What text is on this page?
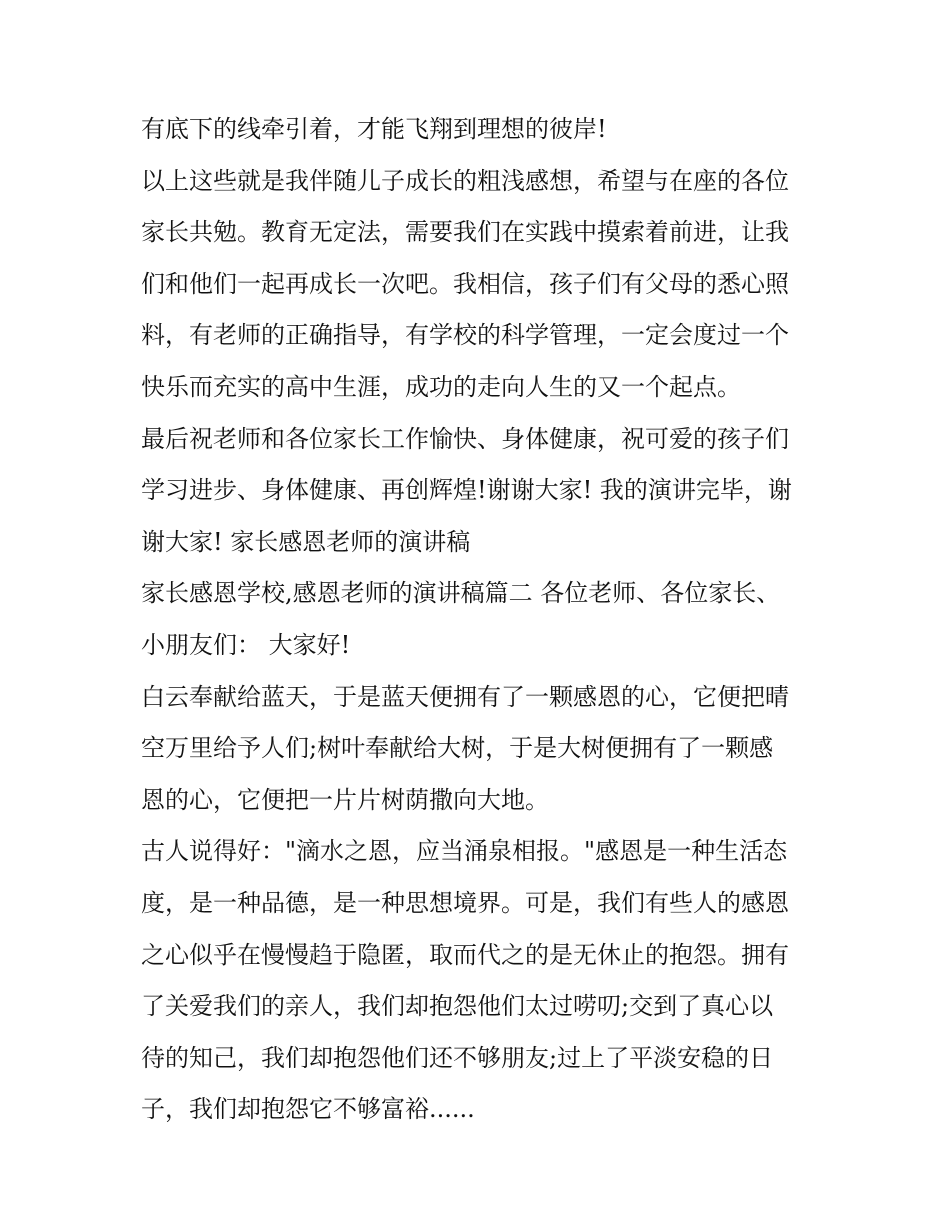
有底下的线牵引着，才能飞翔到理想的彼岸!
以上这些就是我伴随儿子成长的粗浅感想，希望与在座的各位
家长共勉。教育无定法，需要我们在实践中摸索着前进，让我
们和他们一起再成长一次吧。我相信，孩子们有父母的悉心照
料，有老师的正确指导，有学校的科学管理，一定会度过一个
快乐而充实的高中生涯，成功的走向人生的又一个起点。
最后祝老师和各位家长工作愉快、身体健康，祝可爱的孩子们
学习进步、身体健康、再创辉煌!谢谢大家! 我的演讲完毕，谢
谢大家! 家长感恩老师的演讲稿
家长感恩学校,感恩老师的演讲稿篇二 各位老师、各位家长、
小朋友们： 大家好!
白云奉献给蓝天，于是蓝天便拥有了一颗感恩的心，它便把晴
空万里给予人们;树叶奉献给大树，于是大树便拥有了一颗感
恩的心，它便把一片片树荫撒向大地。
古人说得好："滴水之恩，应当涌泉相报。"感恩是一种生活态
度，是一种品德，是一种思想境界。可是，我们有些人的感恩
之心似乎在慢慢趋于隐匿，取而代之的是无休止的抱怨。拥有
了关爱我们的亲人，我们却抱怨他们太过唠叨;交到了真心以
待的知己，我们却抱怨他们还不够朋友;过上了平淡安稳的日
子，我们却抱怨它不够富裕......
